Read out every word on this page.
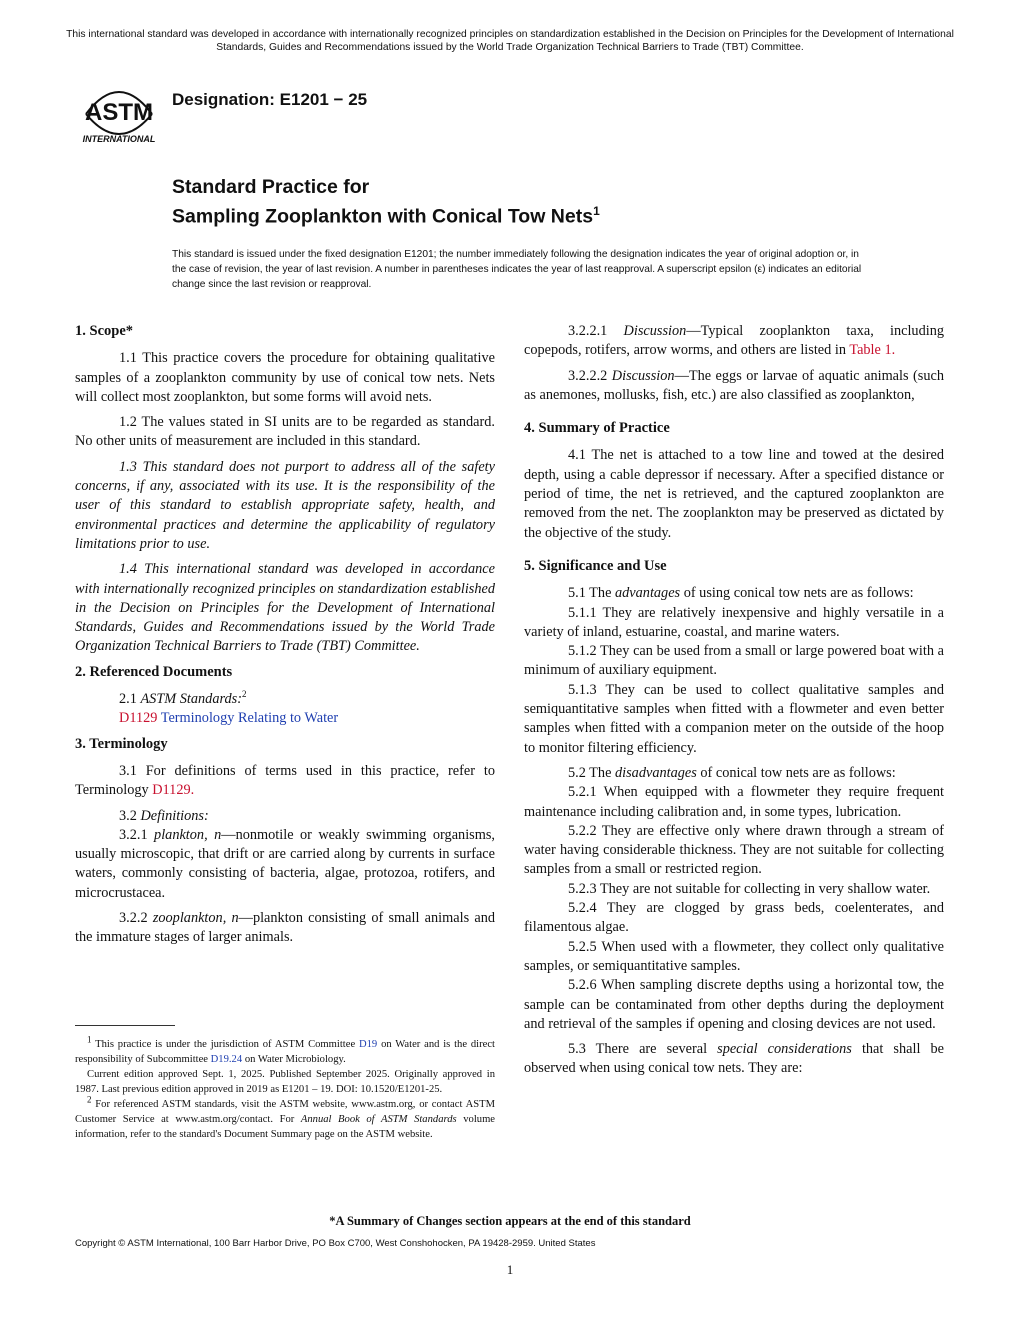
This international standard was developed in accordance with internationally recognized principles on standardization established in the Decision on Principles for the Development of International Standards, Guides and Recommendations issued by the World Trade Organization Technical Barriers to Trade (TBT) Committee.
ASTM
INTERNATIONAL
Designation: E1201 − 25
Standard Practice for
Sampling Zooplankton with Conical Tow Nets$^1$
This standard is issued under the fixed designation E1201; the number immediately following the designation indicates the year of original adoption or, in the case of revision, the year of last revision. A number in parentheses indicates the year of last reapproval. A superscript epsilon (ε) indicates an editorial change since the last revision or reapproval.
1. Scope*

1.1 This practice covers the procedure for obtaining qualitative samples of a zooplankton community by use of conical tow nets. Nets will collect most zooplankton, but some forms will avoid nets.

1.2 The values stated in SI units are to be regarded as standard. No other units of measurement are included in this standard.

1.3 This standard does not purport to address all of the safety concerns, if any, associated with its use. It is the responsibility of the user of this standard to establish appropriate safety, health, and environmental practices and determine the applicability of regulatory limitations prior to use.

1.4 This international standard was developed in accordance with internationally recognized principles on standardization established in the Decision on Principles for the Development of International Standards, Guides and Recommendations issued by the World Trade Organization Technical Barriers to Trade (TBT) Committee.

2. Referenced Documents

2.1 ASTM Standards:$^2$

D1129 Terminology Relating to Water

3. Terminology

3.1 For definitions of terms used in this practice, refer to Terminology D1129.

3.2 Definitions:

3.2.1 plankton, n—nonmotile or weakly swimming organisms, usually microscopic, that drift or are carried along by currents in surface waters, commonly consisting of bacteria, algae, protozoa, rotifers, and microcrustacea.

3.2.2 zooplankton, n—plankton consisting of small animals and the immature stages of larger animals.

$^1$ This practice is under the jurisdiction of ASTM Committee D19 on Water and is the direct responsibility of Subcommittee D19.24 on Water Microbiology.

Current edition approved Sept. 1, 2025. Published September 2025. Originally approved in 1987. Last previous edition approved in 2019 as E1201 – 19. DOI: 10.1520/E1201-25.

$^2$ For referenced ASTM standards, visit the ASTM website, www.astm.org, or contact ASTM Customer Service at www.astm.org/contact. For Annual Book of ASTM Standards volume information, refer to the standard's Document Summary page on the ASTM website.

3.2.2.1 Discussion—Typical zooplankton taxa, including copepods, rotifers, arrow worms, and others are listed in Table 1.

3.2.2.2 Discussion—The eggs or larvae of aquatic animals (such as anemones, mollusks, fish, etc.) are also classified as zooplankton,

4. Summary of Practice

4.1 The net is attached to a tow line and towed at the desired depth, using a cable depressor if necessary. After a specified distance or period of time, the net is retrieved, and the captured zooplankton are removed from the net. The zooplankton may be preserved as dictated by the objective of the study.

5. Significance and Use

5.1 The advantages of using conical tow nets are as follows:

5.1.1 They are relatively inexpensive and highly versatile in a variety of inland, estuarine, coastal, and marine waters.

5.1.2 They can be used from a small or large powered boat with a minimum of auxiliary equipment.

5.1.3 They can be used to collect qualitative samples and semiquantitative samples when fitted with a flowmeter and even better samples when fitted with a companion meter on the outside of the hoop to monitor filtering efficiency.

5.2 The disadvantages of conical tow nets are as follows:

5.2.1 When equipped with a flowmeter they require frequent maintenance including calibration and, in some types, lubrication.

5.2.2 They are effective only where drawn through a stream of water having considerable thickness. They are not suitable for collecting samples from a small or restricted region.

5.2.3 They are not suitable for collecting in very shallow water.

5.2.4 They are clogged by grass beds, coelenterates, and filamentous algae.

5.2.5 When used with a flowmeter, they collect only qualitative samples, or semiquantitative samples.

5.2.6 When sampling discrete depths using a horizontal tow, the sample can be contaminated from other depths during the deployment and retrieval of the samples if opening and closing devices are not used.

5.3 There are several special considerations that shall be observed when using conical tow nets. They are:

*A Summary of Changes section appears at the end of this standard
Copyright © ASTM International, 100 Barr Harbor Drive, PO Box C700, West Conshohocken, PA 19428-2959. United States
1
